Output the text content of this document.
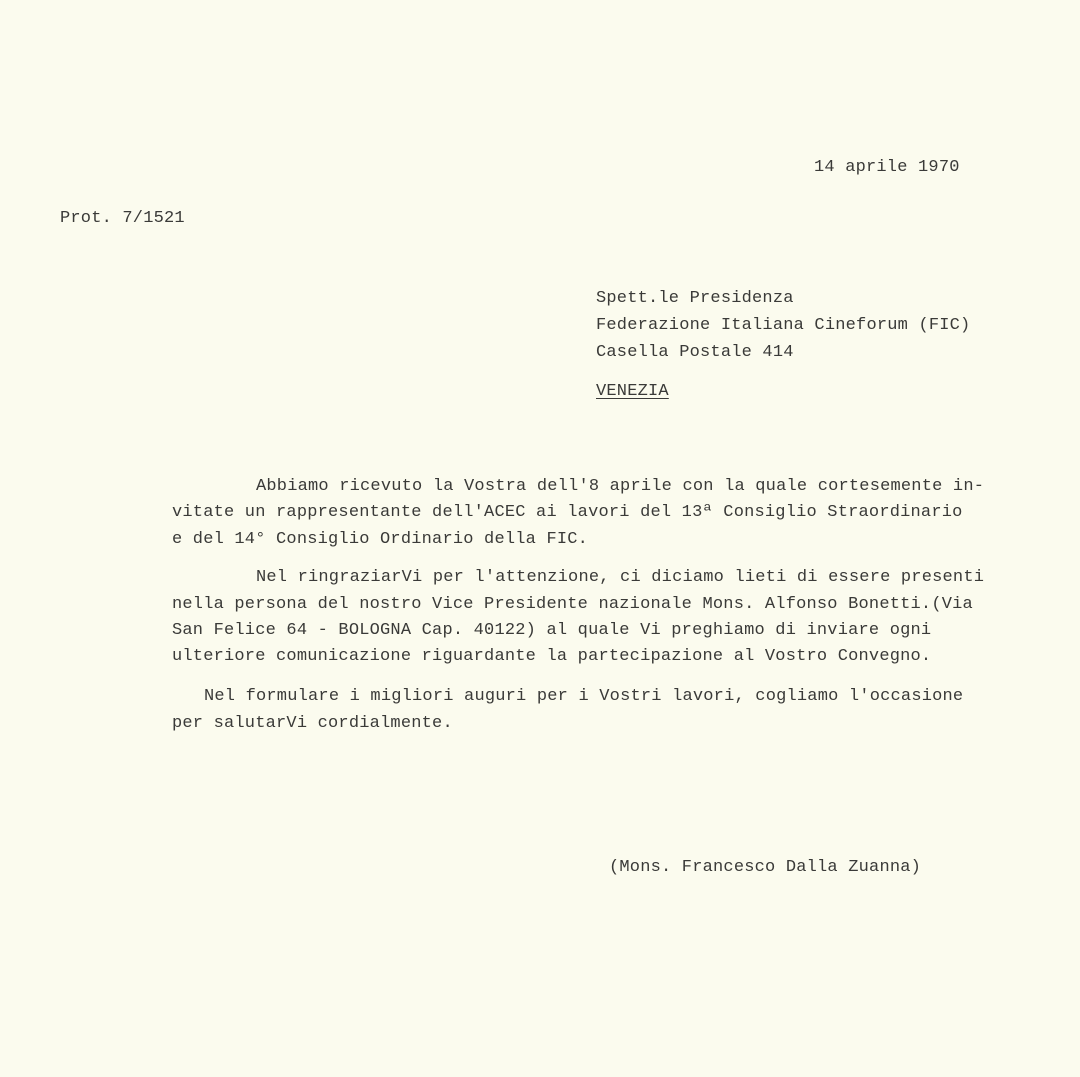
14 aprile 1970
Prot. 7/1521
Spett.le Presidenza
Federazione Italiana Cineforum (FIC)
Casella Postale 414
VENEZIA
Abbiamo ricevuto la Vostra dell'8 aprile con la quale cortesemente in-
vitate un rappresentante dell'ACEC ai lavori del 13ª Consiglio Straordinario
e del 14° Consiglio Ordinario della FIC.
Nel ringraziarVi per l'attenzione, ci diciamo lieti di essere presenti
nella persona del nostro Vice Presidente nazionale Mons. Alfonso Bonetti.(Via
San Felice 64 - BOLOGNA Cap. 40122) al quale Vi preghiamo di inviare ogni
ulteriore comunicazione riguardante la partecipazione al Vostro Convegno.
Nel formulare i migliori auguri per i Vostri lavori, cogliamo l'occasione
per salutarVi cordialmente.
(Mons. Francesco Dalla Zuanna)
